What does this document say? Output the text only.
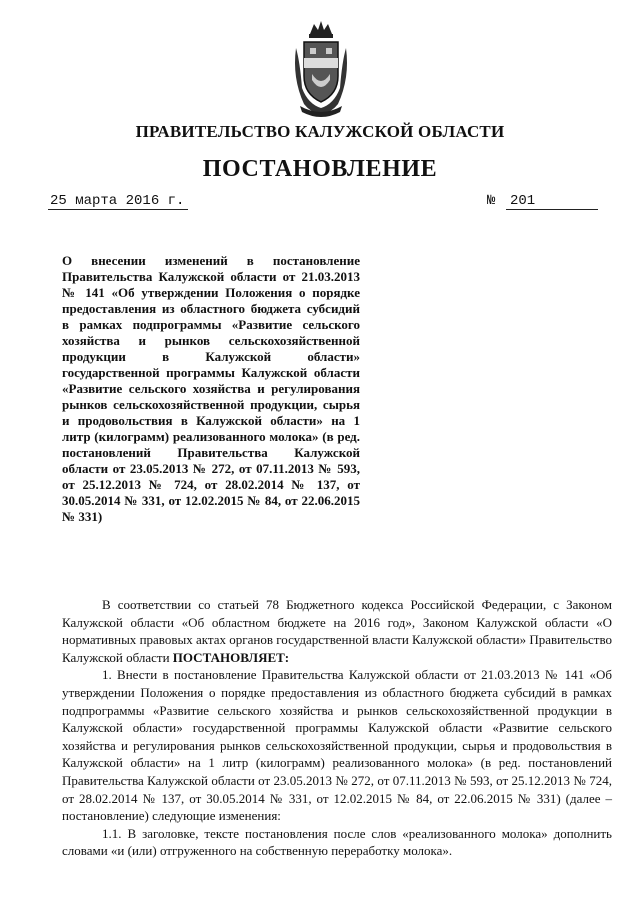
ПРАВИТЕЛЬСТВО КАЛУЖСКОЙ ОБЛАСТИ
ПОСТАНОВЛЕНИЕ
25 марта 2016 г.	№ 201
О внесении изменений в постановление Правительства Калужской области от 21.03.2013 № 141 «Об утверждении Положения о порядке предоставления из областного бюджета субсидий в рамках подпрограммы «Развитие сельского хозяйства и рынков сельскохозяйственной продукции в Калужской области» государственной программы Калужской области «Развитие сельского хозяйства и регулирования рынков сельскохозяйственной продукции, сырья и продовольствия в Калужской области» на 1 литр (килограмм) реализованного молока» (в ред. постановлений Правительства Калужской области от 23.05.2013 № 272, от 07.11.2013 № 593, от 25.12.2013 № 724, от 28.02.2014 № 137, от 30.05.2014 № 331, от 12.02.2015 № 84, от 22.06.2015 № 331)

В соответствии со статьей 78 Бюджетного кодекса Российской Федерации, с Законом Калужской области «Об областном бюджете на 2016 год», Законом Калужской области «О нормативных правовых актах органов государственной власти Калужской области» Правительство Калужской области ПОСТАНОВЛЯЕТ:

1. Внести в постановление Правительства Калужской области от 21.03.2013 № 141 «Об утверждении Положения о порядке предоставления из областного бюджета субсидий в рамках подпрограммы «Развитие сельского хозяйства и рынков сельскохозяйственной продукции в Калужской области» государственной программы Калужской области «Развитие сельского хозяйства и регулирования рынков сельскохозяйственной продукции, сырья и продовольствия в Калужской области» на 1 литр (килограмм) реализованного молока» (в ред. постановлений Правительства Калужской области от 23.05.2013 № 272, от 07.11.2013 № 593, от 25.12.2013 № 724, от 28.02.2014 № 137, от 30.05.2014 № 331, от 12.02.2015 № 84, от 22.06.2015 № 331) (далее – постановление) следующие изменения:

1.1. В заголовке, тексте постановления после слов «реализованного молока» дополнить словами «и (или) отгруженного на собственную переработку молока».
